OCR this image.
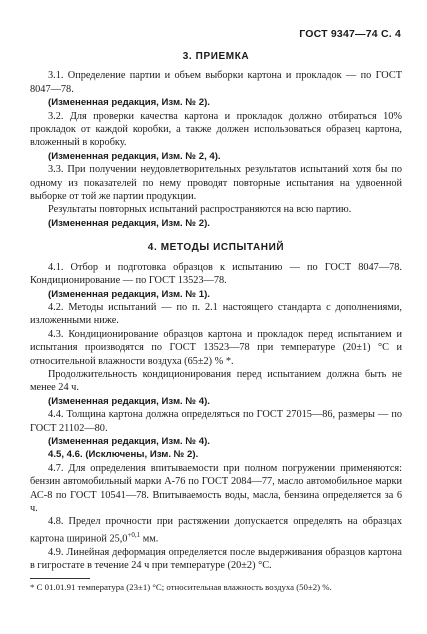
ГОСТ 9347—74 С. 4
3. ПРИЕМКА

3.1. Определение партии и объем выборки картона и прокладок — по ГОСТ 8047—78.

(Измененная редакция, Изм. № 2).

3.2. Для проверки качества картона и прокладок должно отбираться 10% прокладок от каждой коробки, а также должен использоваться образец картона, вложенный в коробку.

(Измененная редакция, Изм. № 2, 4).

3.3. При получении неудовлетворительных результатов испытаний хотя бы по одному из показателей по нему проводят повторные испытания на удвоенной выборке от той же партии продукции.

Результаты повторных испытаний распространяются на всю партию.

(Измененная редакция, Изм. № 2).
4. МЕТОДЫ ИСПЫТАНИЙ

4.1. Отбор и подготовка образцов к испытанию — по ГОСТ 8047—78. Кондиционирование — по ГОСТ 13523—78.

(Измененная редакция, Изм. № 1).

4.2. Методы испытаний — по п. 2.1 настоящего стандарта с дополнениями, изложенными ниже.

4.3. Кондиционирование образцов картона и прокладок перед испытанием и испытания производятся по ГОСТ 13523—78 при температуре (20±1) °С и относительной влажности воздуха (65±2) % *.

Продолжительность кондиционирования перед испытанием должна быть не менее 24 ч.

(Измененная редакция, Изм. № 4).

4.4. Толщина картона должна определяться по ГОСТ 27015—86, размеры — по ГОСТ 21102—80.

(Измененная редакция, Изм. № 4).
4.5, 4.6. (Исключены, Изм. № 2).

4.7. Для определения впитываемости при полном погружении применяются: бензин автомобильный марки А-76 по ГОСТ 2084—77, масло автомобильное марки АС-8 по ГОСТ 10541—78. Впитываемость воды, масла, бензина определяется за 6 ч.

4.8. Предел прочности при растяжении допускается определять на образцах картона шириной $25,0^{+0,1}$ мм.

4.9. Линейная деформация определяется после выдерживания образцов картона в гигростате в течение 24 ч при температуре (20±2) °С.

* С 01.01.91 температура (23±1) °С; относительная влажность воздуха (50±2) %.
